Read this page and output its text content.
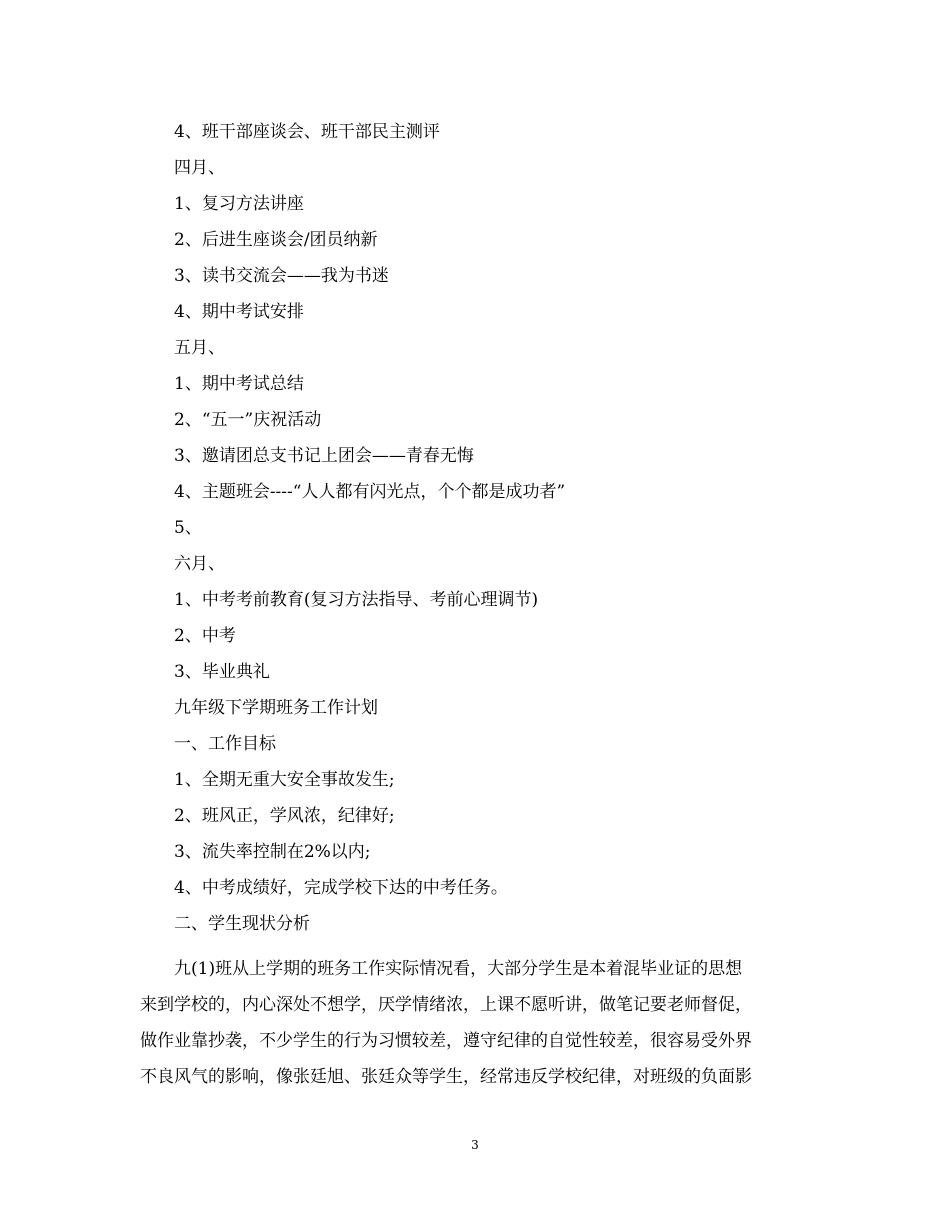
4、班干部座谈会、班干部民主测评
四月、
1、复习方法讲座
2、后进生座谈会/团员纳新
3、读书交流会——我为书迷
4、期中考试安排
五月、
1、期中考试总结
2、“五一”庆祝活动
3、邀请团总支书记上团会——青春无悔
4、主题班会----“人人都有闪光点，个个都是成功者”
5、
六月、
1、中考考前教育(复习方法指导、考前心理调节)
2、中考
3、毕业典礼
九年级下学期班务工作计划
一、工作目标
1、全期无重大安全事故发生;
2、班风正，学风浓，纪律好;
3、流失率控制在2%以内;
4、中考成绩好，完成学校下达的中考任务。
二、学生现状分析
九(1)班从上学期的班务工作实际情况看，大部分学生是本着混毕业证的思想
来到学校的，内心深处不想学，厌学情绪浓，上课不愿听讲，做笔记要老师督促，
做作业靠抄袭，不少学生的行为习惯较差，遵守纪律的自觉性较差，很容易受外界
不良风气的影响，像张廷旭、张廷众等学生，经常违反学校纪律，对班级的负面影
3
